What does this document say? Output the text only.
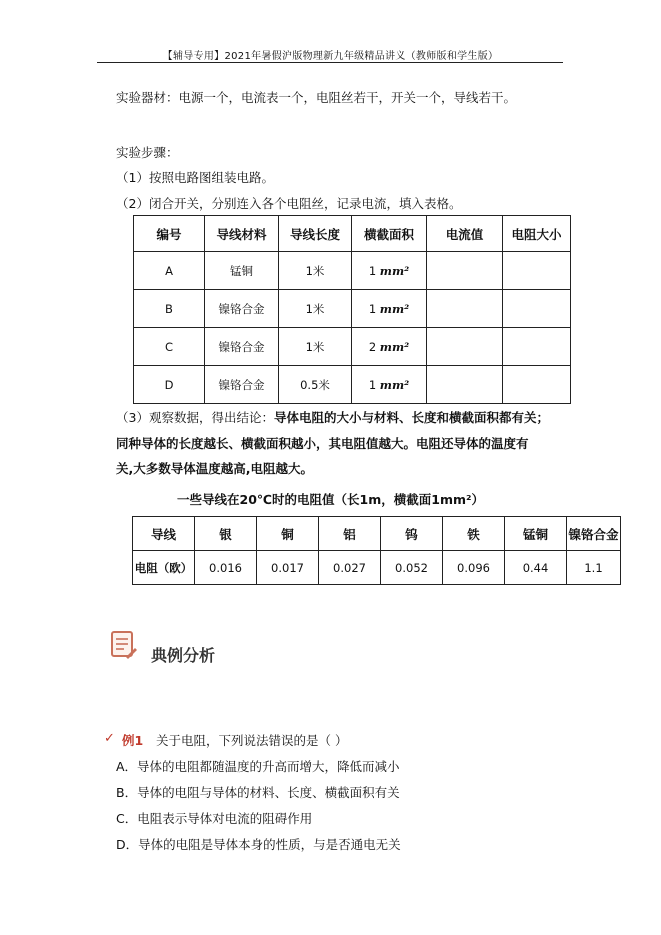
【辅导专用】2021年暑假沪版物理新九年级精品讲义（教师版和学生版）
实验器材：电源一个，电流表一个，电阻丝若干，开关一个，导线若干。
实验步骤：
（1）按照电路图组装电路。
（2）闭合开关，分别连入各个电阻丝，记录电流，填入表格。
编号	导线材料	导线长度	横截面积	电流值	电阻大小
A	锰铜	1米	1 mm²		
B	镍铬合金	1米	1 mm²		
C	镍铬合金	1米	2 mm²		
D	镍铬合金	0.5米	1 mm²		
（3）观察数据，得出结论：导体电阻的大小与材料、长度和横截面积都有关；
同种导体的长度越长、横截面积越小，其电阻值越大。电阻还导体的温度有
关,大多数导体温度越高,电阻越大。
一些导线在20℃时的电阻值（长1m，横截面1mm²）
导线	银	铜	铝	钨	铁	锰铜	镍铬合金
电阻（欧）	0.016	0.017	0.027	0.052	0.096	0.44	1.1
典例分析
✓ 例1 关于电阻，下列说法错误的是（ ）
A．导体的电阻都随温度的升高而增大，降低而减小
B．导体的电阻与导体的材料、长度、横截面积有关
C．电阻表示导体对电流的阻碍作用
D．导体的电阻是导体本身的性质，与是否通电无关
